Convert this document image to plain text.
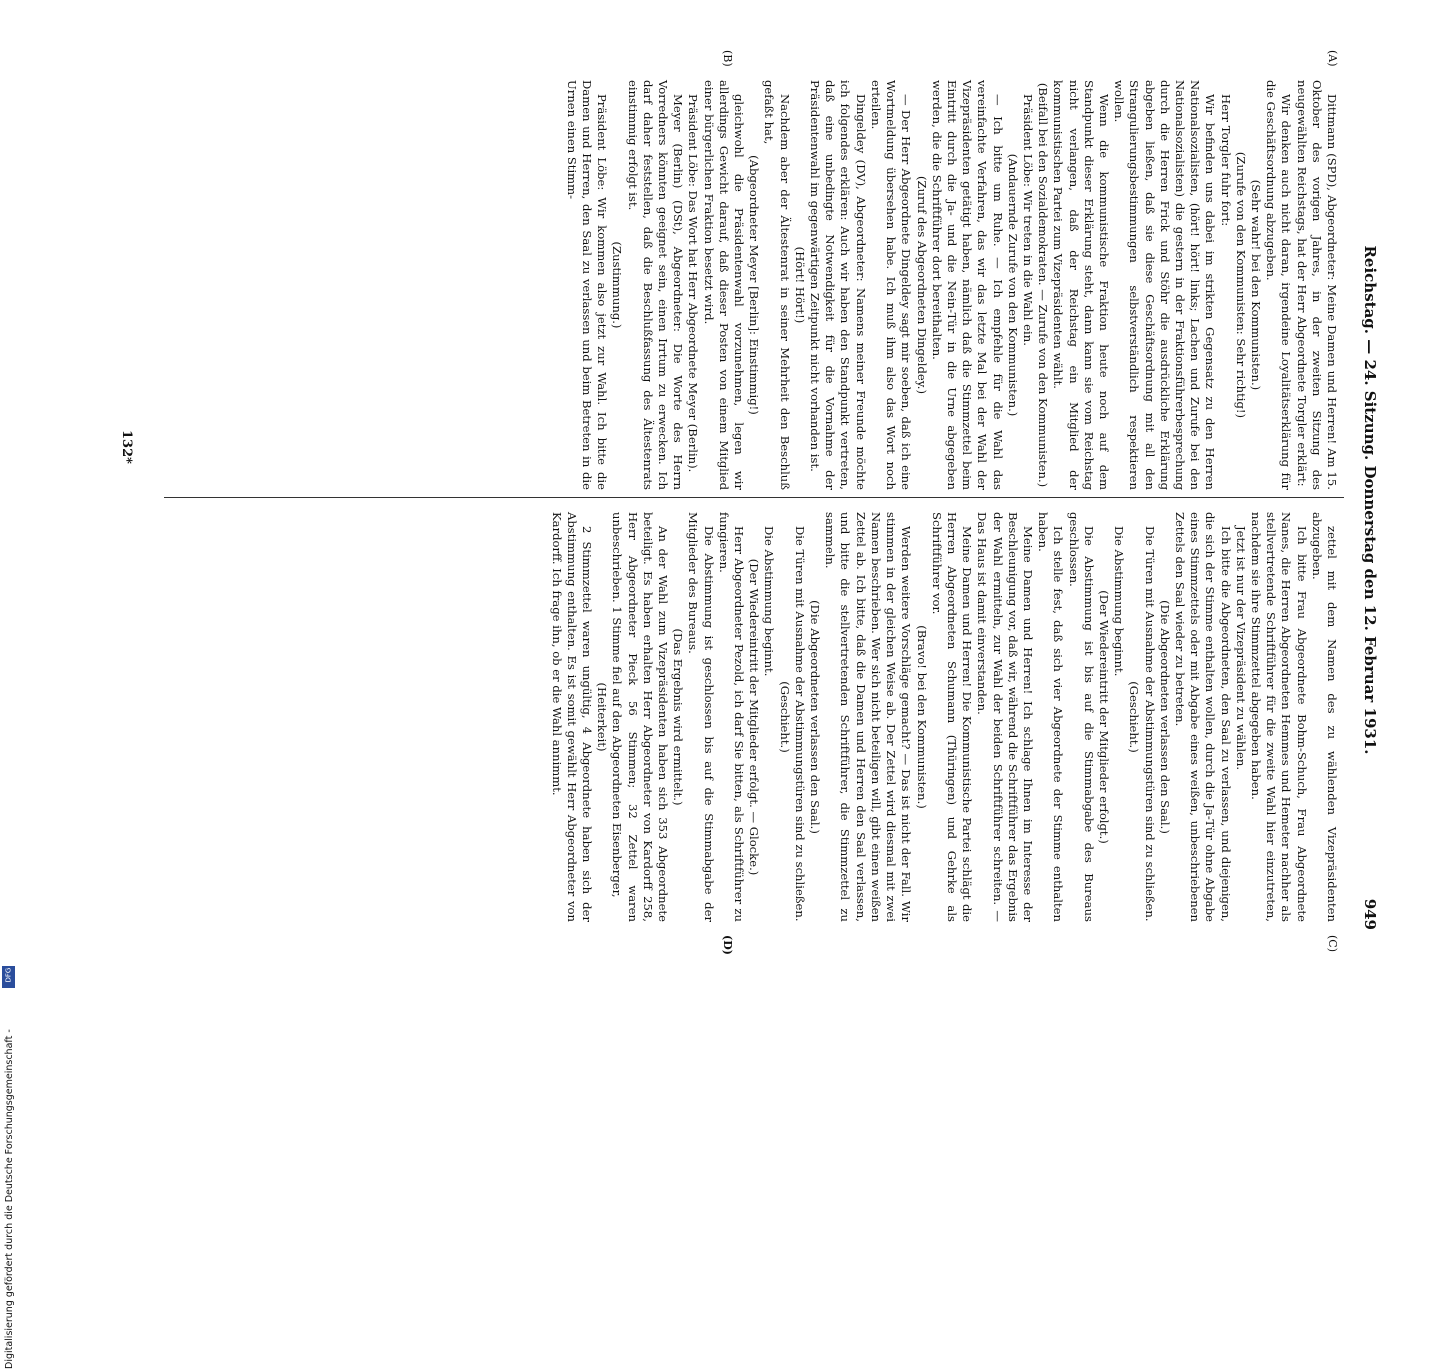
Reichstag. — 24. Sitzung. Donnerstag den 12. Februar 1931.
949
(A)
(B)
(C)
(D)

Dittmann (SPD), Abgeordneter: Meine Damen und Herren! Am 15. Oktober des vorigen Jahres, in der zweiten Sitzung des neugewählten Reichstags, hat der Herr Abgeordnete Torgler erklärt:

Wir denken auch nicht daran, irgendeine Loyalitätserklärung für die Geschäftsordnung abzugeben.

(Sehr wahr! bei den Kommunisten.)

(Zurufe von den Kommunisten: Sehr richtig!)

Herr Torgler fuhr fort:

Wir befinden uns dabei im strikten Gegensatz zu den Herren Nationalsozialisten, (hört! hört! links; Lachen und Zurufe bei den Nationalsozialisten) die gestern in der Fraktionsführerbesprechung durch die Herren Frick und Stöhr die ausdrückliche Erklärung abgeben ließen, daß sie diese Geschäftsordnung mit all den Strangulierungsbestimmungen selbstverständlich respektieren wollen.

Wenn die kommunistische Fraktion heute noch auf dem Standpunkt dieser Erklärung steht, dann kann sie vom Reichstag nicht verlangen, daß der Reichstag ein Mitglied der kommunistischen Partei zum Vizepräsidenten wählt.

(Beifall bei den Sozialdemokraten. — Zurufe von den Kommunisten.)

Präsident Löbe: Wir treten in die Wahl ein.

(Andauernde Zurufe von den Kommunisten.)

— Ich bitte um Ruhe. — Ich empfehle für die Wahl das vereinfachte Verfahren, das wir das letzte Mal bei der Wahl der Vizepräsidenten getätigt haben, nämlich daß die Stimmzettel beim Eintritt durch die Ja- und die Nein-Tür in die Urne abgegeben werden, die die Schriftführer dort bereithalten.

(Zuruf des Abgeordneten Dingeldey.)

— Der Herr Abgeordnete Dingeldey sagt mir soeben, daß ich eine Wortmeldung übersehen habe. Ich muß ihm also das Wort noch erteilen.

Dingeldey (DV), Abgeordneter: Namens meiner Freunde möchte ich folgendes erklären: Auch wir haben den Standpunkt vertreten, daß eine unbedingte Notwendigkeit für die Vornahme der Präsidentenwahl im gegenwärtigen Zeitpunkt nicht vorhanden ist.

(Hört! Hört!)

Nachdem aber der Ältestenrat in seiner Mehrheit den Beschluß gefaßt hat,

(Abgeordneter Meyer [Berlin]: Einstimmig!)

gleichwohl die Präsidentenwahl vorzunehmen, legen wir allerdings Gewicht darauf, daß dieser Posten von einem Mitglied einer bürgerlichen Fraktion besetzt wird.

Präsident Löbe: Das Wort hat Herr Abgeordnete Meyer (Berlin).

Meyer (Berlin) (DSt), Abgeordneter: Die Worte des Herrn Vorredners könnten geeignet sein, einen Irrtum zu erwecken. Ich darf daher feststellen, daß die Beschlußfassung des Ältestenrats einstimmig erfolgt ist.

(Zustimmung.)

Präsident Löbe: Wir kommen also jetzt zur Wahl. Ich bitte die Damen und Herren, den Saal zu verlassen und beim Betreten in die Urnen einen Stimm-

zettel mit dem Namen des zu wählenden Vizepräsidenten abzugeben.

Ich bitte Frau Abgeordnete Bohm-Schuch, Frau Abgeordnete Nanes, die Herren Abgeordneten Hemmes und Hemeter nachher als stellvertretende Schriftführer für die zweite Wahl hier einzutreten, nachdem sie ihre Stimmzettel abgegeben haben.

Jetzt ist nur der Vizepräsident zu wählen.

Ich bitte die Abgeordneten, den Saal zu verlassen, und diejenigen, die sich der Stimme enthalten wollen, durch die Ja-Tür ohne Abgabe eines Stimmzettels oder mit Abgabe eines weißen, unbeschriebenen Zettels den Saal wieder zu betreten.

(Die Abgeordneten verlassen den Saal.)

Die Türen mit Ausnahme der Abstimmungstüren sind zu schließen.

(Geschieht.)

Die Abstimmung beginnt.

(Der Wiedereintritt der Mitglieder erfolgt.)

Die Abstimmung ist bis auf die Stimmabgabe des Bureaus geschlossen.

Ich stelle fest, daß sich vier Abgeordnete der Stimme enthalten haben.

Meine Damen und Herren! Ich schlage Ihnen im Interesse der Beschleunigung vor, daß wir, während die Schriftführer das Ergebnis der Wahl ermitteln, zur Wahl der beiden Schriftführer schreiten. — Das Haus ist damit einverstanden.

Meine Damen und Herren! Die Kommunistische Partei schlägt die Herren Abgeordneten Schumann (Thüringen) und Gehrke als Schriftführer vor.

(Bravo! bei den Kommunisten.)

Werden weitere Vorschläge gemacht? — Das ist nicht der Fall. Wir stimmen in der gleichen Weise ab. Der Zettel wird diesmal mit zwei Namen beschrieben. Wer sich nicht beteiligen will, gibt einen weißen Zettel ab. Ich bitte, daß die Damen und Herren den Saal verlassen, und bitte die stellvertretenden Schriftführer, die Stimmzettel zu sammeln.

(Die Abgeordneten verlassen den Saal.)

Die Türen mit Ausnahme der Abstimmungstüren sind zu schließen.

(Geschieht.)

Die Abstimmung beginnt.

(Der Wiedereintritt der Mitglieder erfolgt. — Glocke.)

Herr Abgeordneter Pezold, ich darf Sie bitten, als Schriftführer zu fungieren.

Die Abstimmung ist geschlossen bis auf die Stimmabgabe der Mitglieder des Bureaus.

(Das Ergebnis wird ermittelt.)

An der Wahl zum Vizepräsidenten haben sich 353 Abgeordnete beteiligt. Es haben erhalten Herr Abgeordneter von Kardorff 258, Herr Abgeordneter Pieck 56 Stimmen; 32 Zettel waren unbeschrieben. 1 Stimme fiel auf den Abgeordneten Eisenberger,

(Heiterkeit)

2 Stimmzettel waren ungültig, 4 Abgeordnete haben sich der Abstimmung enthalten. Es ist somit gewählt Herr Abgeordneter von Kardorff. Ich frage ihn, ob er die Wahl annimmt.

132*
Digitalisierung gefördert durch die Deutsche Forschungsgemeinschaft -
DFG
